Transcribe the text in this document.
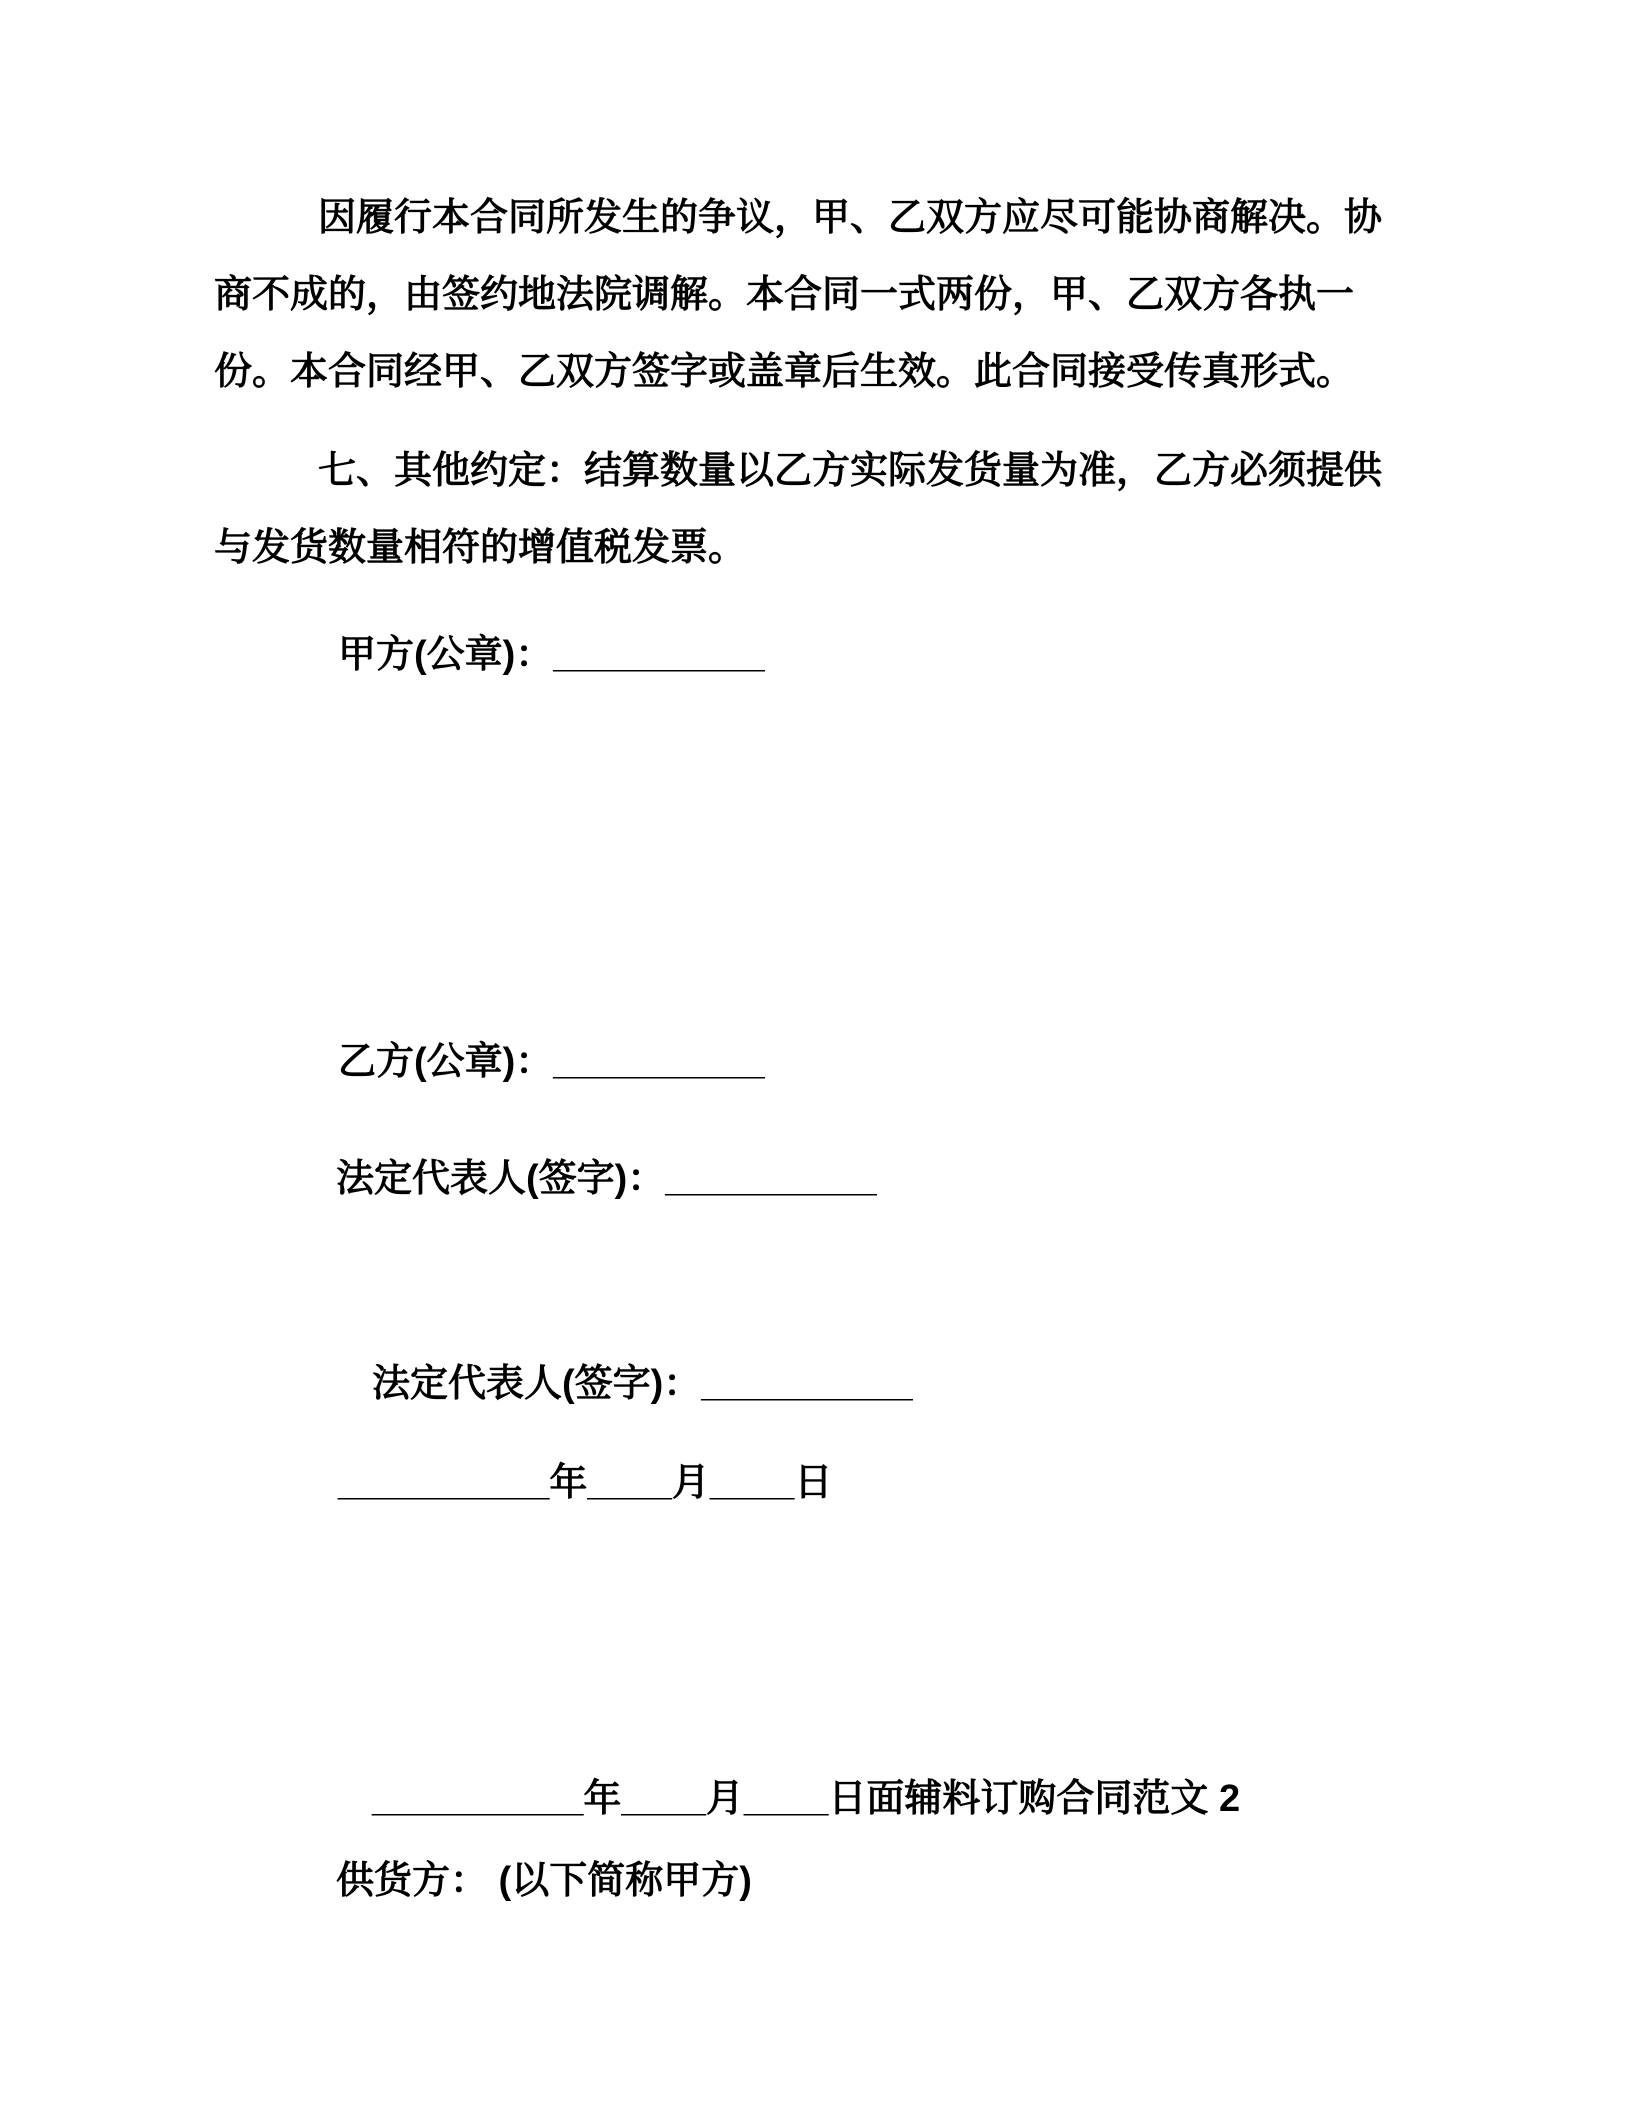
因履行本合同所发生的争议，甲、乙双方应尽可能协商解决。协
商不成的，由签约地法院调解。本合同一式两份，甲、乙双方各执一
份。本合同经甲、乙双方签字或盖章后生效。此合同接受传真形式。
七、其他约定：结算数量以乙方实际发货量为准，乙方必须提供
与发货数量相符的增值税发票。
甲方(公章)：__________
乙方(公章)：__________
法定代表人(签字)：__________
法定代表人(签字)：__________
__________年____月____日
__________年____月____日面辅料订购合同范文 2
供货方： (以下简称甲方)
